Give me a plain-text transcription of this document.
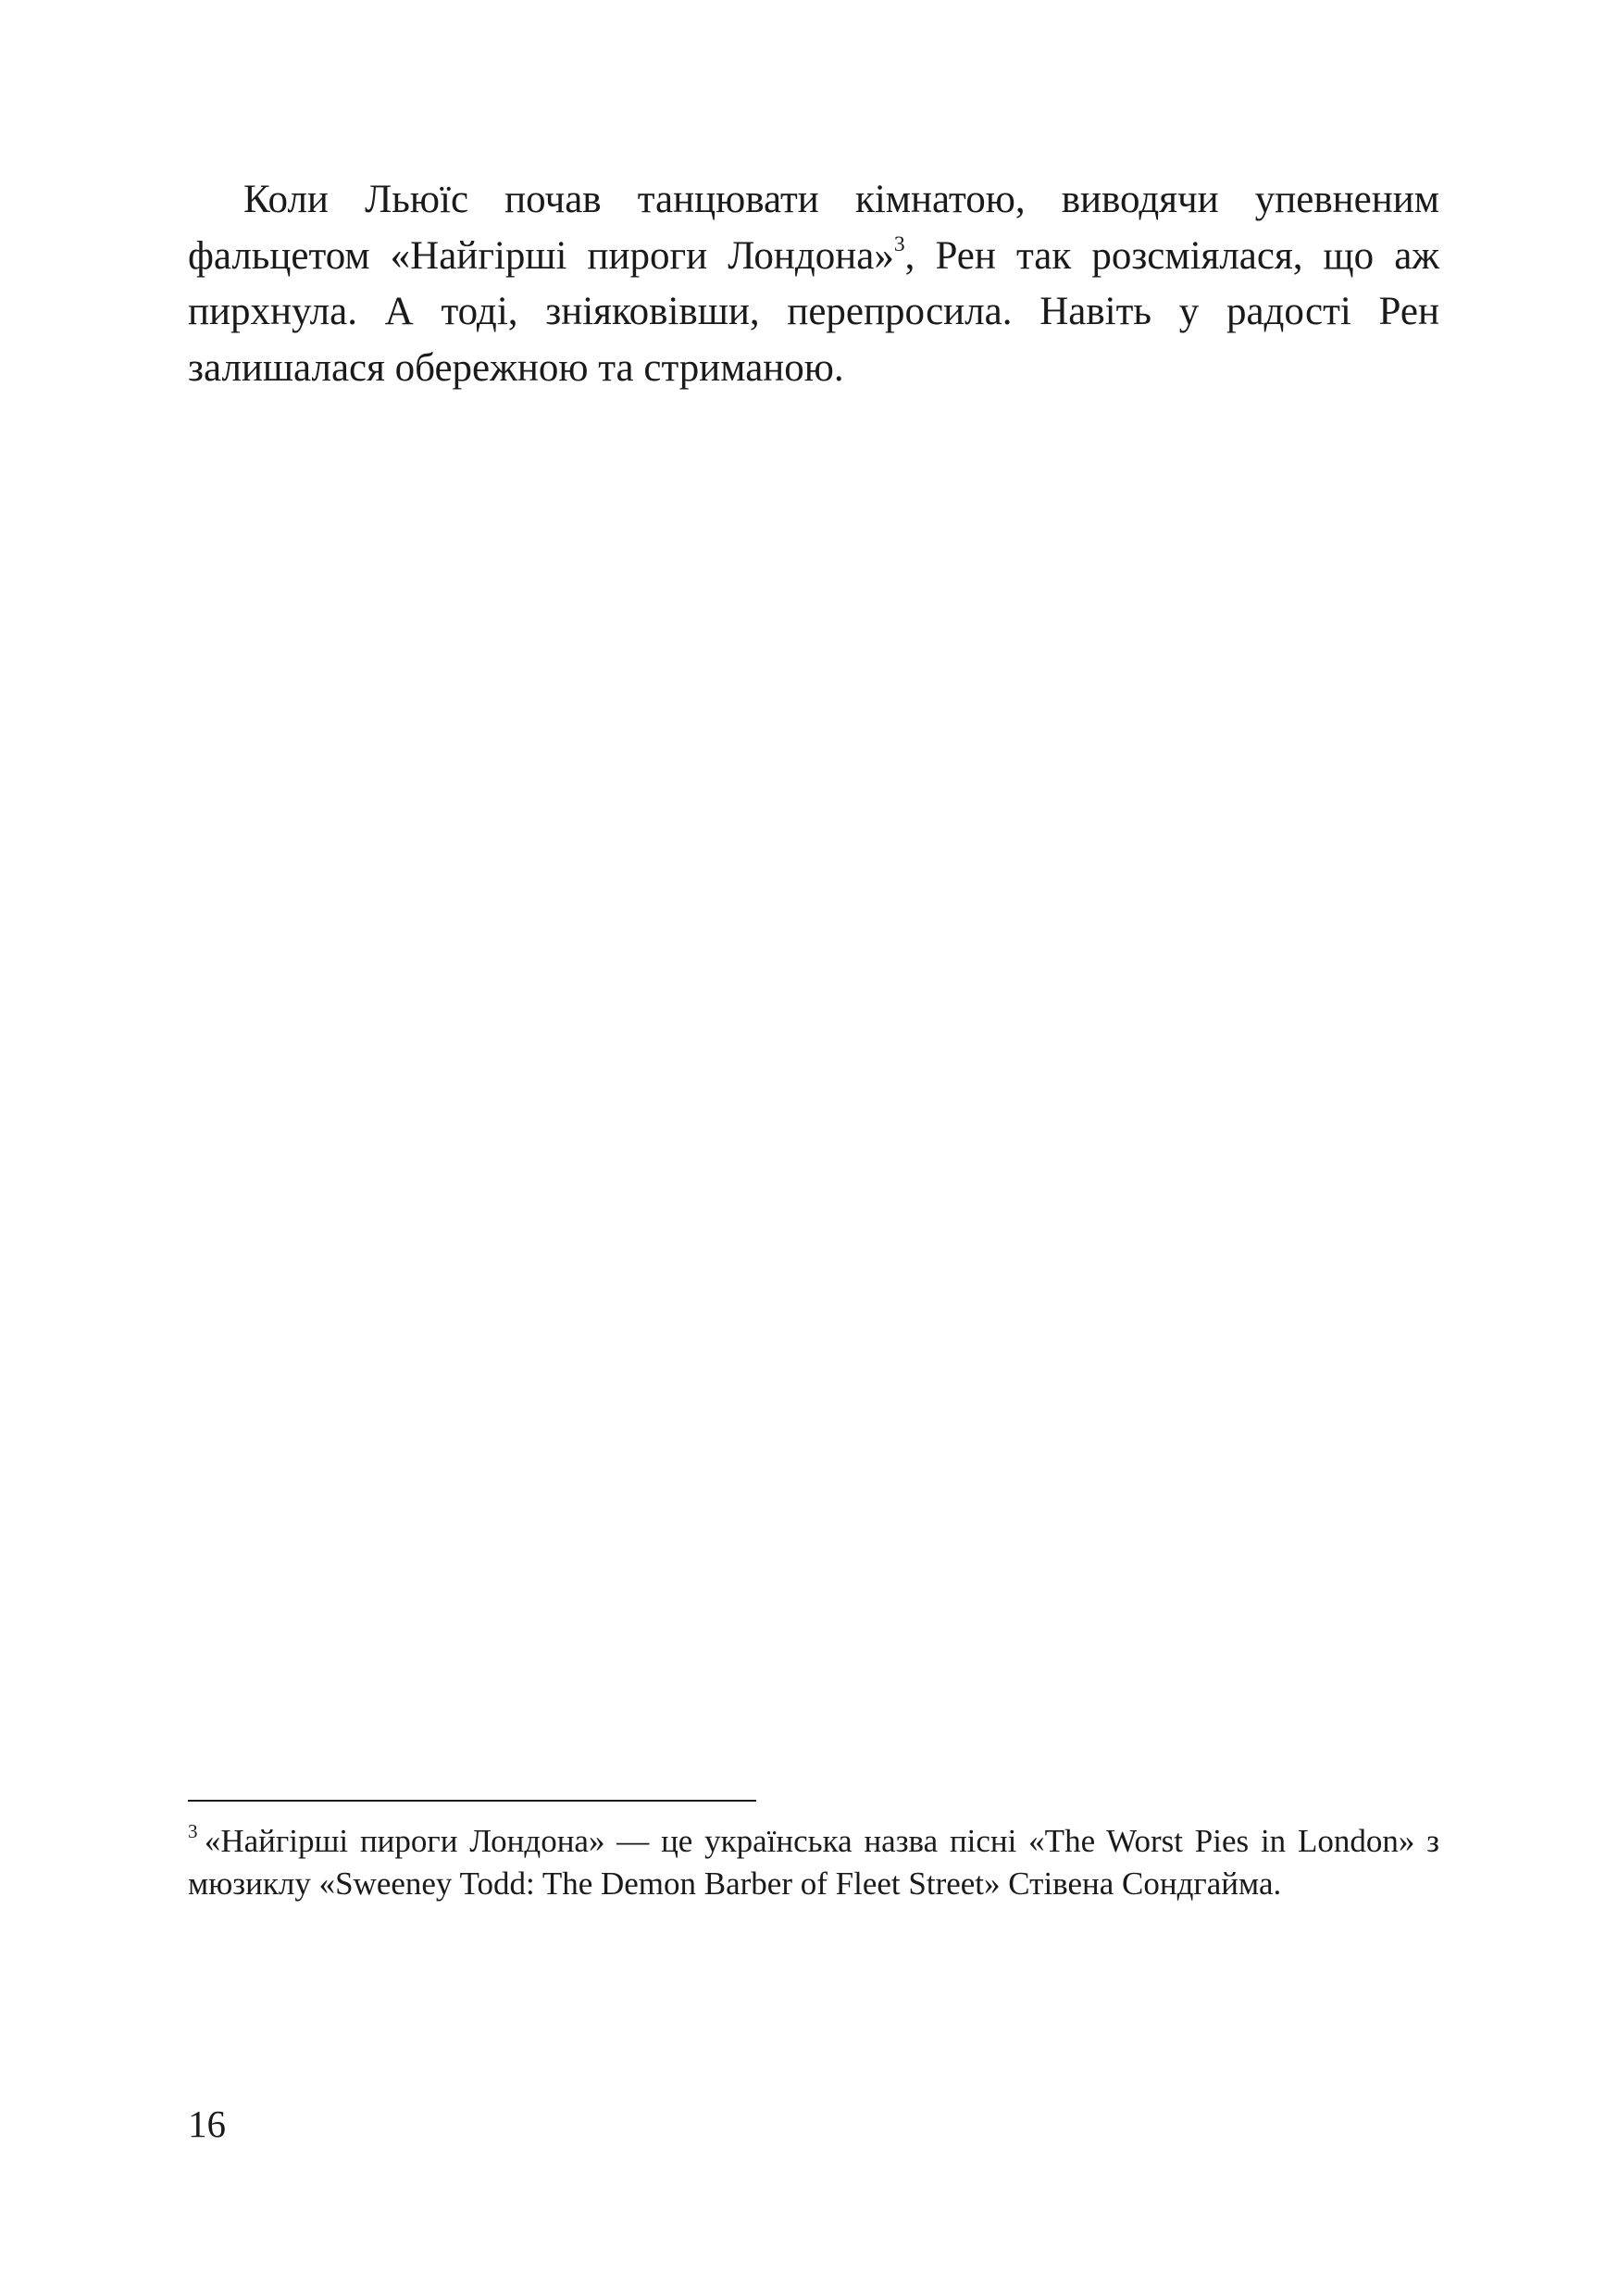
Коли Льюїс почав танцювати кімнатою, виводячи упевненим фальцетом «Найгірші пироги Лондона»$^3$, Рен так розсміялася, що аж пирхнула. А тоді, зніяковівши, перепросила. Навіть у радості Рен залишалася обережною та стриманою.

$^3$ «Найгірші пироги Лондона» — це українська назва пісні «The Worst Pies in London» з мюзиклу «Sweeney Todd: The Demon Barber of Fleet Street» Стівена Сондгайма.

16
